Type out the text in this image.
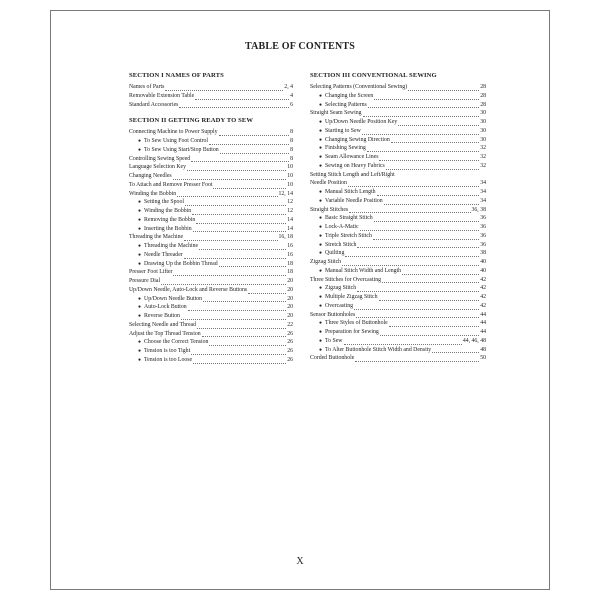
TABLE OF CONTENTS
SECTION I NAMES OF PARTS
Names of Parts	2, 4
Removable Extension Table	4
Standard Accessories	6
SECTION II GETTING READY TO SEW
Connecting Machine to Power Supply	8
● To Sew Using Foot Control	8
● To Sew Using Start/Stop Button	8
Controlling Sewing Speed	8
Language Selection Key	10
Changing Needles	10
To Attach and Remove Presser Foot	10
Winding the Bobbin	12, 14
● Setting the Spool	12
● Winding the Bobbin	12
● Removing the Bobbin	14
● Inserting the Bobbin	14
Threading the Machine	16, 18
● Threading the Machine	16
● Needle Threader	16
● Drawing Up the Bobbin Thread	18
Presser Foot Lifter	18
Pressure Dial	20
Up/Down Needle, Auto-Lock and Reverse Buttons	20
● Up/Down Needle Button	20
● Auto-Lock Button	20
● Reverse Button	20
Selecting Needle and Thread	22
Adjust the Top Thread Tension	26
● Choose the Correct Tension	26
● Tension is too Tight	26
● Tension is too Loose	26
SECTION III CONVENTIONAL SEWING
Selecting Patterns (Conventional Sewing)	28
● Changing the Screen	28
● Selecting Patterns	28
Straight Seam Sewing	30
● Up/Down Needle Position Key	30
● Starting to Sew	30
● Changing Sewing Direction	30
● Finishing Sewing	32
● Seam Allowance Lines	32
● Sewing on Heavy Fabrics	32
Setting Stitch Length and Left/Right
Needle Position	34
● Manual Stitch Length	34
● Variable Needle Position	34
Straight Stitches	36, 38
● Basic Straight Stitch	36
● Lock-A-Matic	36
● Triple Stretch Stitch	36
● Stretch Stitch	36
● Quilting	38
Zigzag Stitch	40
● Manual Stitch Width and Length	40
Three Stitches for Overcasting	42
● Zigzag Stitch	42
● Multiple Zigzag Stitch	42
● Overcasting	42
Sensor Buttonholes	44
● Three Styles of Buttonhole	44
● Preparation for Sewing	44
● To Sew	44, 46, 48
● To Alter Buttonhole Stitch Width and Density	48
Corded Buttonhole	50
X
